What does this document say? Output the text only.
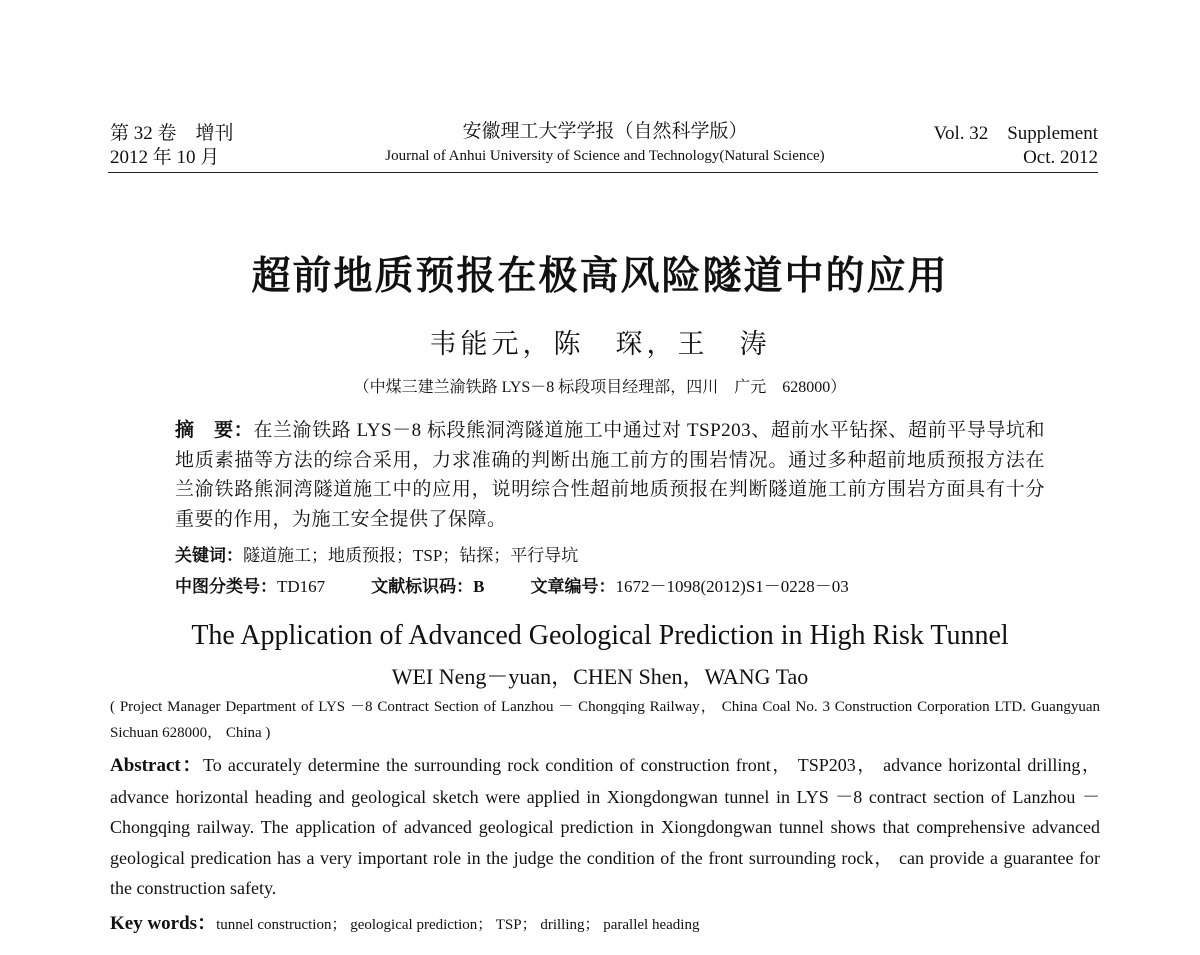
第 32 卷　增刊
2012 年 10 月
安徽理工大学学报（自然科学版）
Journal of Anhui University of Science and Technology(Natural Science)
Vol. 32　Supplement
Oct. 2012
超前地质预报在极高风险隧道中的应用
韦能元，陈　琛，王　涛
（中煤三建兰渝铁路 LYS－8 标段项目经理部，四川　广元　628000）
摘　要：在兰渝铁路 LYS－8 标段熊洞湾隧道施工中通过对 TSP203、超前水平钻探、超前平导导坑和地质素描等方法的综合采用，力求准确的判断出施工前方的围岩情况。通过多种超前地质预报方法在兰渝铁路熊洞湾隧道施工中的应用，说明综合性超前地质预报在判断隧道施工前方围岩方面具有十分重要的作用，为施工安全提供了保障。
关键词：隧道施工；地质预报；TSP；钻探；平行导坑
中图分类号：TD167	文献标识码：B	文章编号：1672－1098(2012)S1－0228－03
The Application of Advanced Geological Prediction in High Risk Tunnel
WEI Neng－yuan，CHEN Shen，WANG Tao
( Project Manager Department of LYS －8 Contract Section of Lanzhou － Chongqing Railway， China Coal No. 3 Construction Corporation LTD. Guangyuan Sichuan 628000， China )
Abstract：To accurately determine the surrounding rock condition of construction front， TSP203， advance horizontal drilling， advance horizontal heading and geological sketch were applied in Xiongdongwan tunnel in LYS －8 contract section of Lanzhou － Chongqing railway. The application of advanced geological prediction in Xiongdongwan tunnel shows that comprehensive advanced geological predication has a very important role in the judge the condition of the front surrounding rock， can provide a guarantee for the construction safety.
Key words：tunnel construction； geological prediction； TSP； drilling； parallel heading
